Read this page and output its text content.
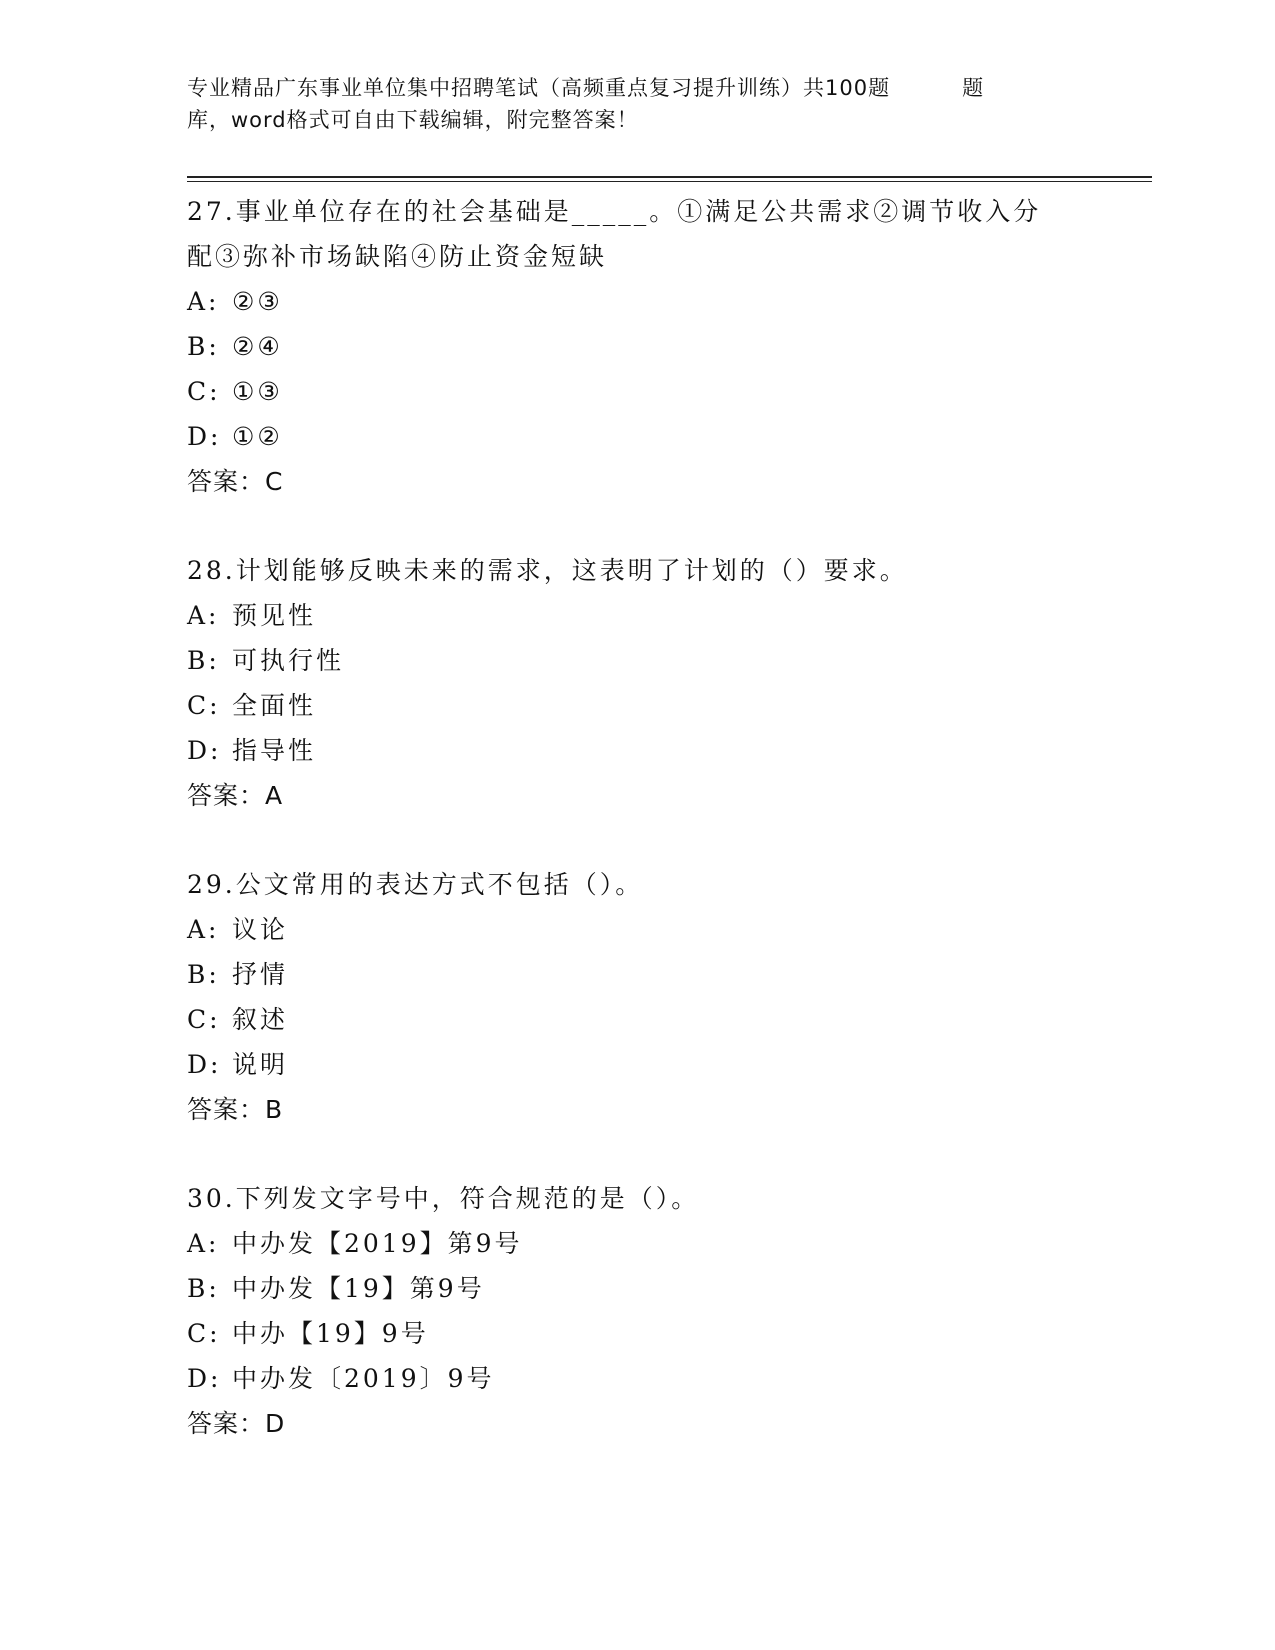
专业精品广东事业单位集中招聘笔试（高频重点复习提升训练）共100题	题
库，word格式可自由下载编辑，附完整答案！
27.事业单位存在的社会基础是_____。①满足公共需求②调节收入分
配③弥补市场缺陷④防止资金短缺
A: ②③
B: ②④
C: ①③
D: ①②
答案：C
28.计划能够反映未来的需求，这表明了计划的（）要求。
A: 预见性
B: 可执行性
C: 全面性
D: 指导性
答案：A
29.公文常用的表达方式不包括（）。
A: 议论
B: 抒情
C: 叙述
D: 说明
答案：B
30.下列发文字号中，符合规范的是（）。
A: 中办发【2019】第9号
B: 中办发【19】第9号
C: 中办【19】9号
D: 中办发〔2019〕9号
答案：D
